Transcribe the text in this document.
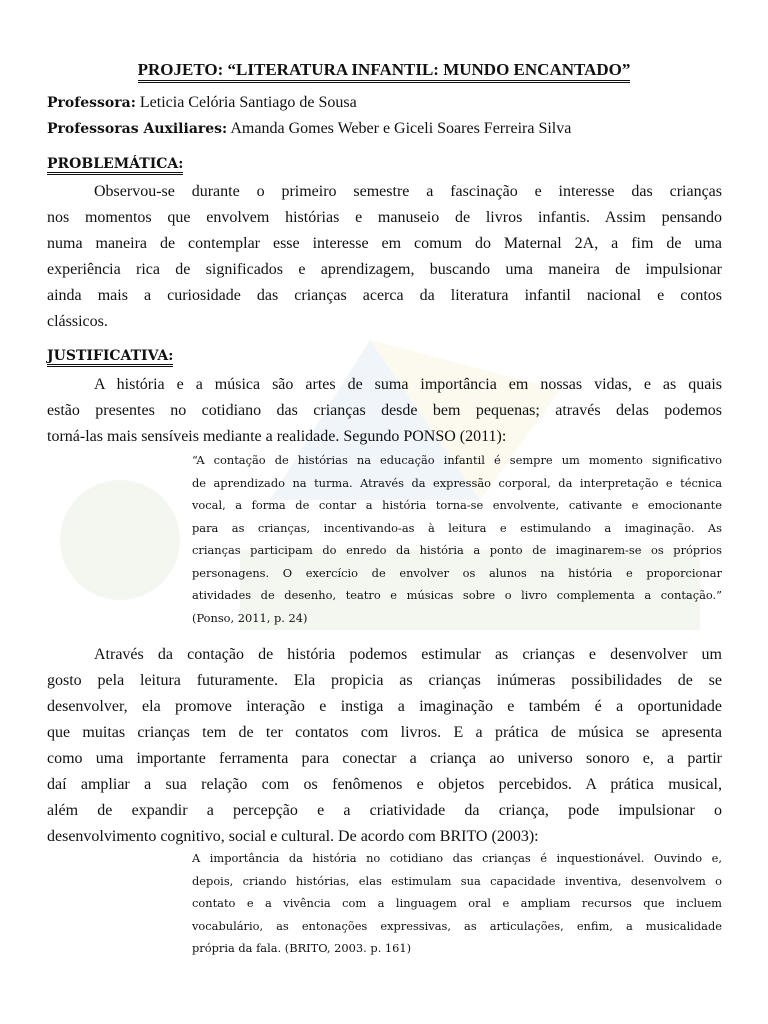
PROJETO: “LITERATURA INFANTIL: MUNDO ENCANTADO”
Professora: Leticia Celória Santiago de Sousa
Professoras Auxiliares: Amanda Gomes Weber e Giceli Soares Ferreira Silva
PROBLEMÁTICA:
Observou-se durante o primeiro semestre a fascinação e interesse das crianças
nos momentos que envolvem histórias e manuseio de livros infantis. Assim pensando
numa maneira de contemplar esse interesse em comum do Maternal 2A, a fim de uma
experiência rica de significados e aprendizagem, buscando uma maneira de impulsionar
ainda mais a curiosidade das crianças acerca da literatura infantil nacional e contos
clássicos.
JUSTIFICATIVA:
A história e a música são artes de suma importância em nossas vidas, e as quais
estão presentes no cotidiano das crianças desde bem pequenas; através delas podemos
torná-las mais sensíveis mediante a realidade. Segundo PONSO (2011):
“A contação de histórias na educação infantil é sempre um momento significativo
de aprendizado na turma. Através da expressão corporal, da interpretação e técnica
vocal, a forma de contar a história torna-se envolvente, cativante e emocionante
para as crianças, incentivando-as à leitura e estimulando a imaginação. As
crianças participam do enredo da história a ponto de imaginarem-se os próprios
personagens. O exercício de envolver os alunos na história e proporcionar
atividades de desenho, teatro e músicas sobre o livro complementa a contação.”
(Ponso, 2011, p. 24)
Através da contação de história podemos estimular as crianças e desenvolver um
gosto pela leitura futuramente. Ela propicia as crianças inúmeras possibilidades de se
desenvolver, ela promove interação e instiga a imaginação e também é a oportunidade
que muitas crianças tem de ter contatos com livros. E a prática de música se apresenta
como uma importante ferramenta para conectar a criança ao universo sonoro e, a partir
daí ampliar a sua relação com os fenômenos e objetos percebidos. A prática musical,
além de expandir a percepção e a criatividade da criança, pode impulsionar o
desenvolvimento cognitivo, social e cultural. De acordo com BRITO (2003):
A importância da história no cotidiano das crianças é inquestionável. Ouvindo e,
depois, criando histórias, elas estimulam sua capacidade inventiva, desenvolvem o
contato e a vivência com a linguagem oral e ampliam recursos que incluem
vocabulário, as entonações expressivas, as articulações, enfim, a musicalidade
própria da fala. (BRITO, 2003. p. 161)
